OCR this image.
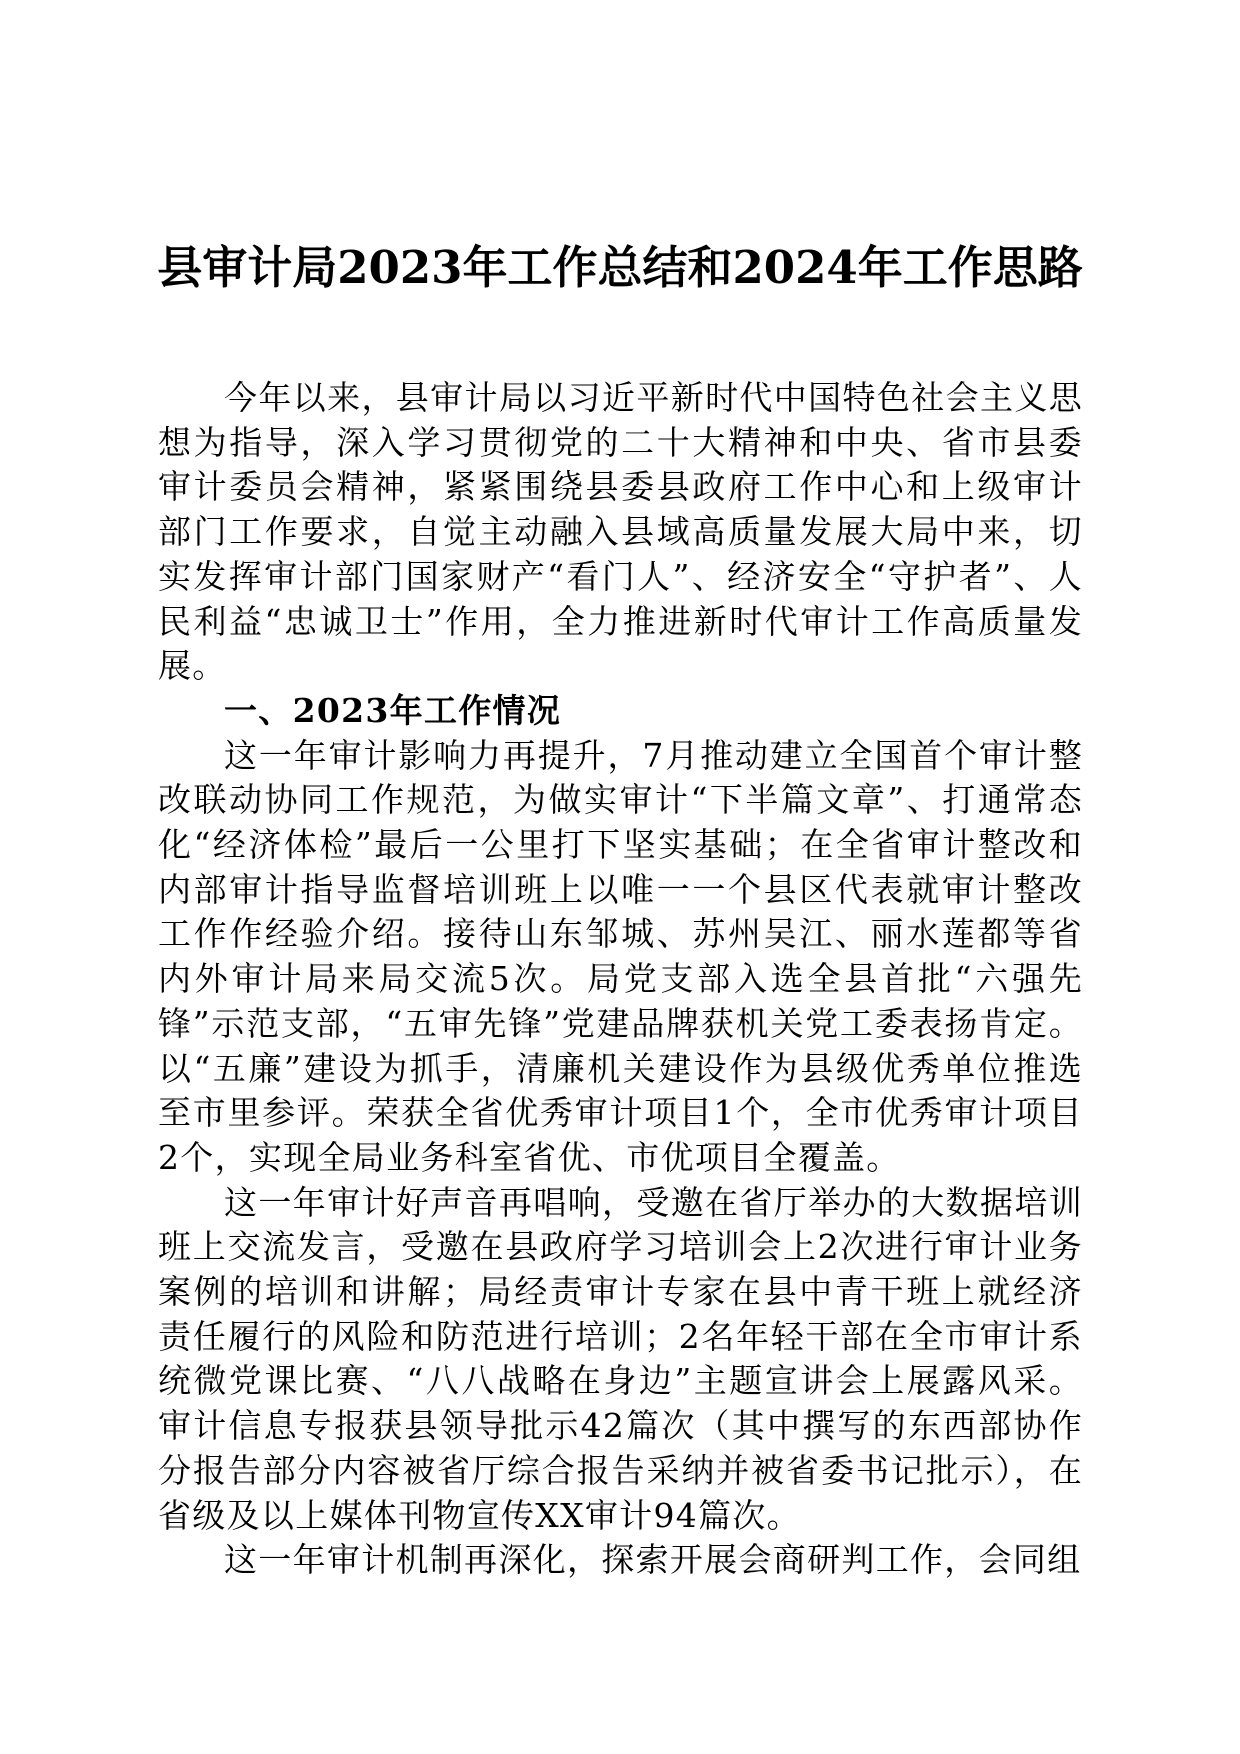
县审计局2023年工作总结和2024年工作思路

今年以来，县审计局以习近平新时代中国特色社会主义思想为指导，深入学习贯彻党的二十大精神和中央、省市县委审计委员会精神，紧紧围绕县委县政府工作中心和上级审计部门工作要求，自觉主动融入县域高质量发展大局中来，切实发挥审计部门国家财产“看门人”、经济安全“守护者”、人民利益“忠诚卫士”作用，全力推进新时代审计工作高质量发展。

一、2023年工作情况

这一年审计影响力再提升，7月推动建立全国首个审计整改联动协同工作规范，为做实审计“下半篇文章”、打通常态化“经济体检”最后一公里打下坚实基础；在全省审计整改和内部审计指导监督培训班上以唯一一个县区代表就审计整改工作作经验介绍。接待山东邹城、苏州吴江、丽水莲都等省内外审计局来局交流5次。局党支部入选全县首批“六强先锋”示范支部，“五审先锋”党建品牌获机关党工委表扬肯定。以“五廉”建设为抓手，清廉机关建设作为县级优秀单位推选至市里参评。荣获全省优秀审计项目1个，全市优秀审计项目2个，实现全局业务科室省优、市优项目全覆盖。

这一年审计好声音再唱响，受邀在省厅举办的大数据培训班上交流发言，受邀在县政府学习培训会上2次进行审计业务案例的培训和讲解；局经责审计专家在县中青干班上就经济责任履行的风险和防范进行培训；2名年轻干部在全市审计系统微党课比赛、“八八战略在身边”主题宣讲会上展露风采。审计信息专报获县领导批示42篇次（其中撰写的东西部协作分报告部分内容被省厅综合报告采纳并被省委书记批示），在省级及以上媒体刊物宣传XX审计94篇次。

这一年审计机制再深化，探索开展会商研判工作，会同组
